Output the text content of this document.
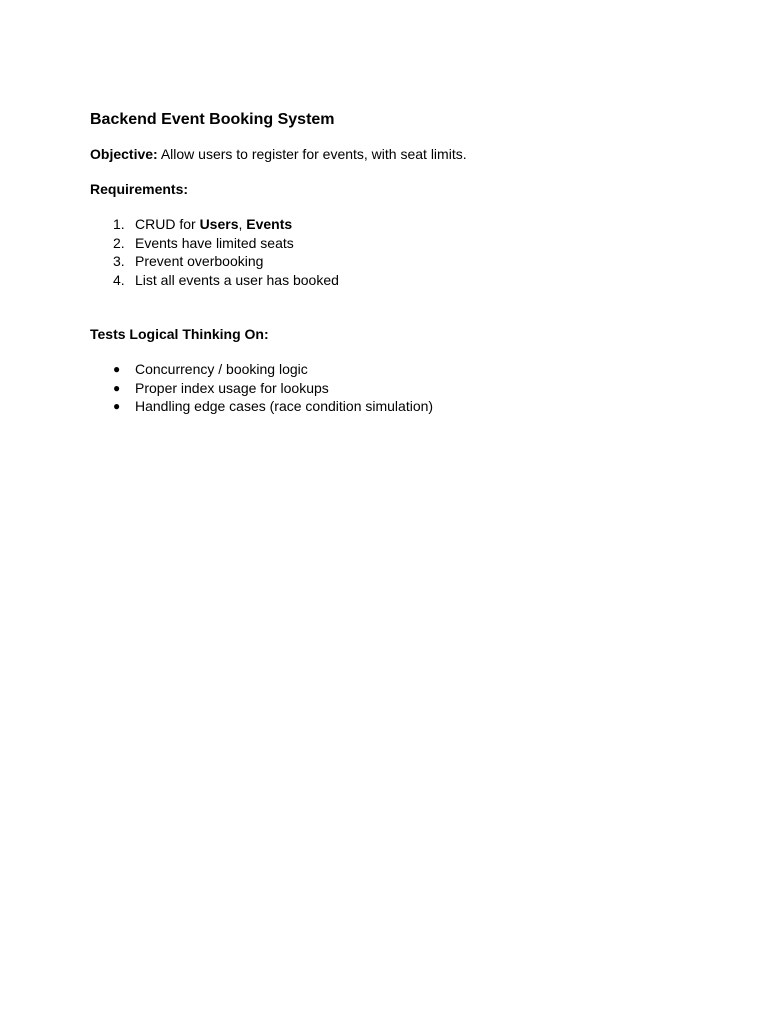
Backend Event Booking System

Objective: Allow users to register for events, with seat limits.

Requirements:

1. CRUD for Users, Events
2. Events have limited seats
3. Prevent overbooking
4. List all events a user has booked

Tests Logical Thinking On:

● Concurrency / booking logic
● Proper index usage for lookups
● Handling edge cases (race condition simulation)
